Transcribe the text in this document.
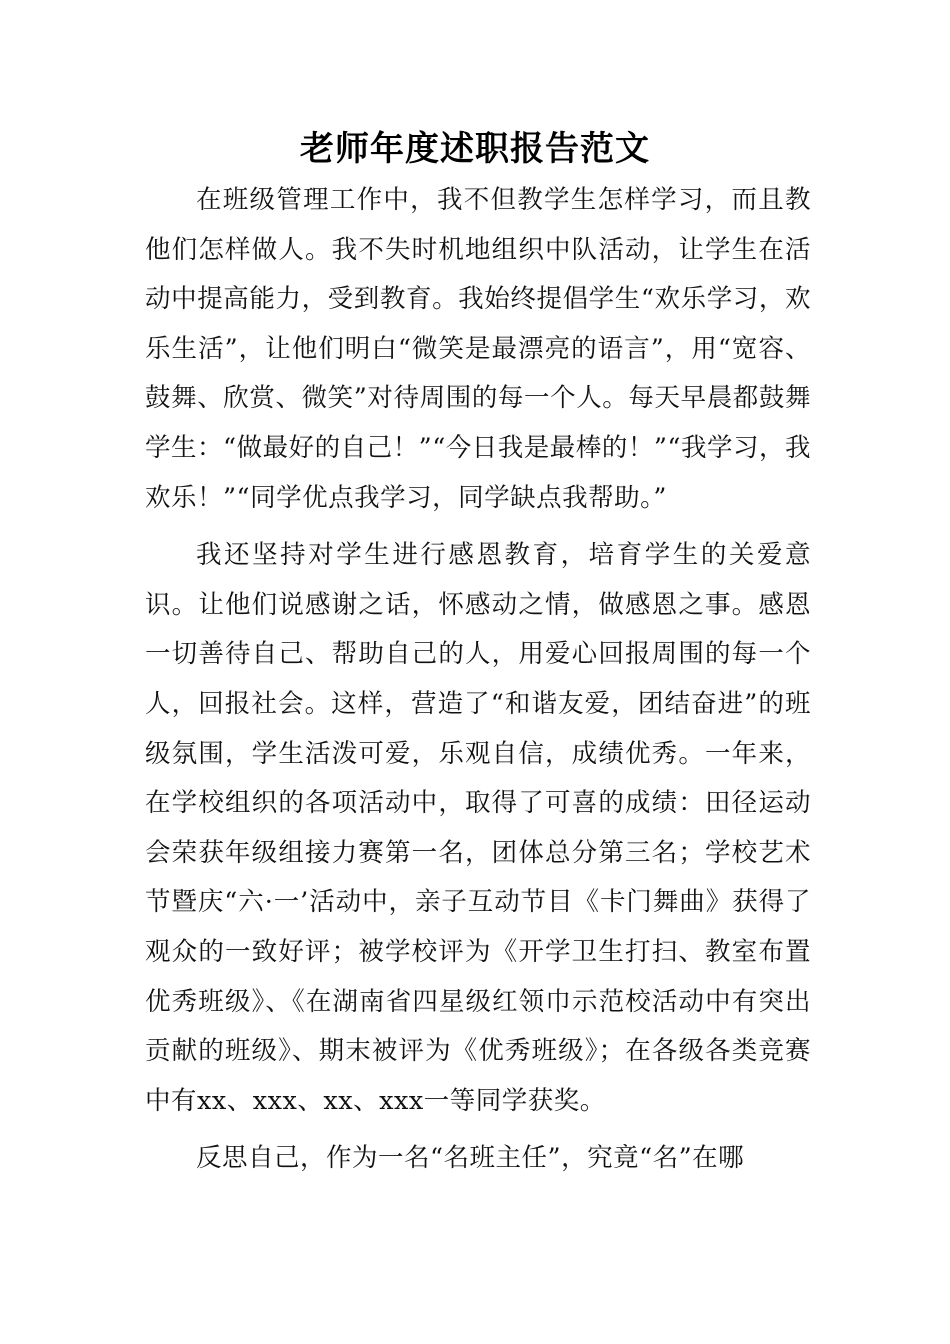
老师年度述职报告范文

在班级管理工作中，我不但教学生怎样学习，而且教他们怎样做人。我不失时机地组织中队活动，让学生在活动中提高能力，受到教育。我始终提倡学生“欢乐学习，欢乐生活”，让他们明白“微笑是最漂亮的语言”，用“宽容、鼓舞、欣赏、微笑”对待周围的每一个人。每天早晨都鼓舞学生：“做最好的自己！”“今日我是最棒的！”“我学习，我欢乐！”“同学优点我学习，同学缺点我帮助。”

我还坚持对学生进行感恩教育，培育学生的关爱意识。让他们说感谢之话，怀感动之情，做感恩之事。感恩一切善待自己、帮助自己的人，用爱心回报周围的每一个人，回报社会。这样，营造了“和谐友爱，团结奋进”的班级氛围，学生活泼可爱，乐观自信，成绩优秀。一年来，在学校组织的各项活动中，取得了可喜的成绩：田径运动会荣获年级组接力赛第一名，团体总分第三名；学校艺术节暨庆“六·一’活动中，亲子互动节目《卡门舞曲》获得了观众的一致好评；被学校评为《开学卫生打扫、教室布置优秀班级》、《在湖南省四星级红领巾示范校活动中有突出贡献的班级》、期末被评为《优秀班级》；在各级各类竞赛中有xx、xxx、xx、xxx一等同学获奖。

反思自己，作为一名“名班主任”，究竟“名”在哪
